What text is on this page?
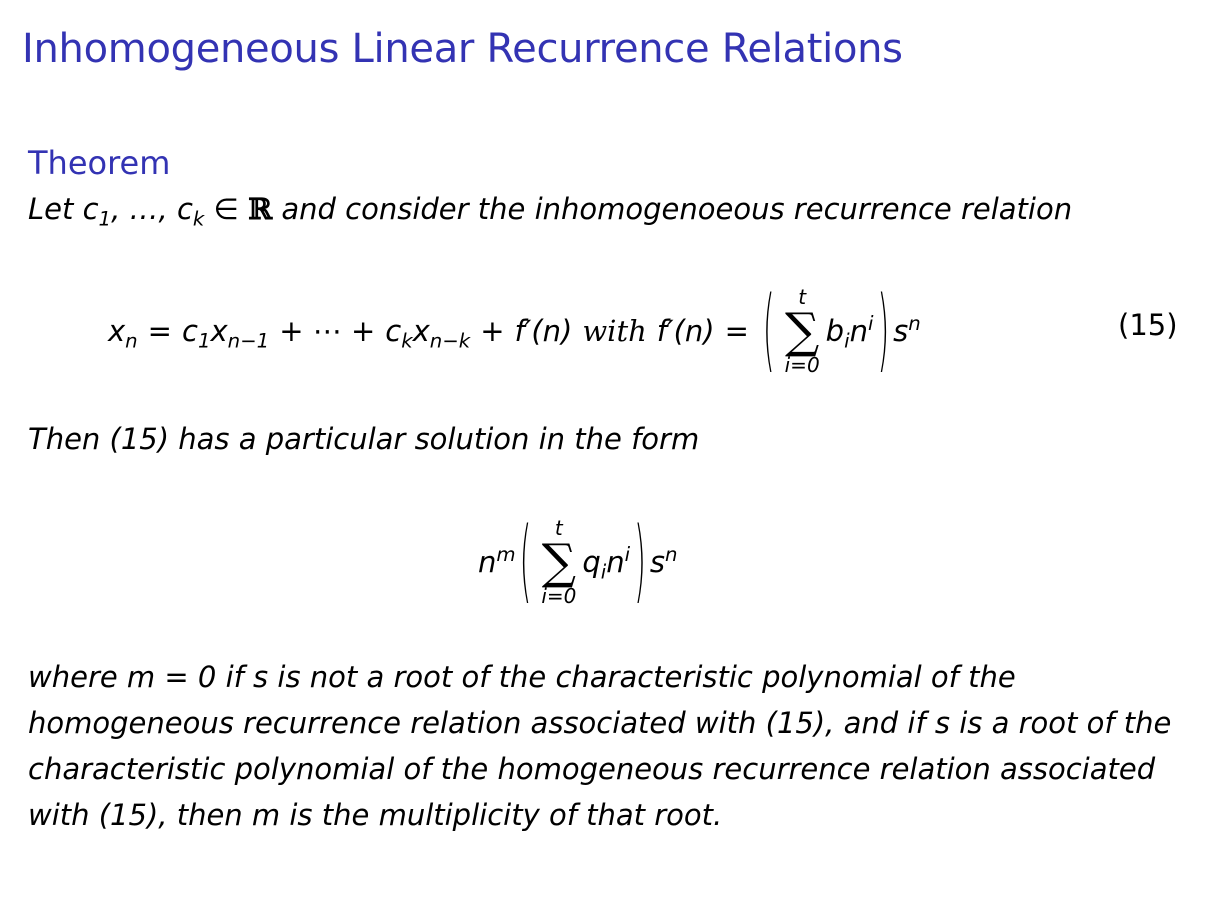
Inhomogeneous Linear Recurrence Relations
Theorem
Let $c_1$, …, $c_k$ ∈ ℝ and consider the inhomogenoeous recurrence relation
$x_n = c_1x_{n-1}$ + ⋯ + $c_kx_{n-k} + f'(n)$ with f′(n) = ( t
∑
i=0
$b_in^i$ ) $s^n$	(15)
Then (15) has a particular solution in the form
$n^m$ ( t
∑
i=0
$q_in^i$ ) $s^n$

where m = 0 if s is not a root of the characteristic polynomial of the homogeneous recurrence relation associated with (15), and if s is a root of the characteristic polynomial of the homogeneous recurrence relation associated with (15), then m is the multiplicity of that root.
